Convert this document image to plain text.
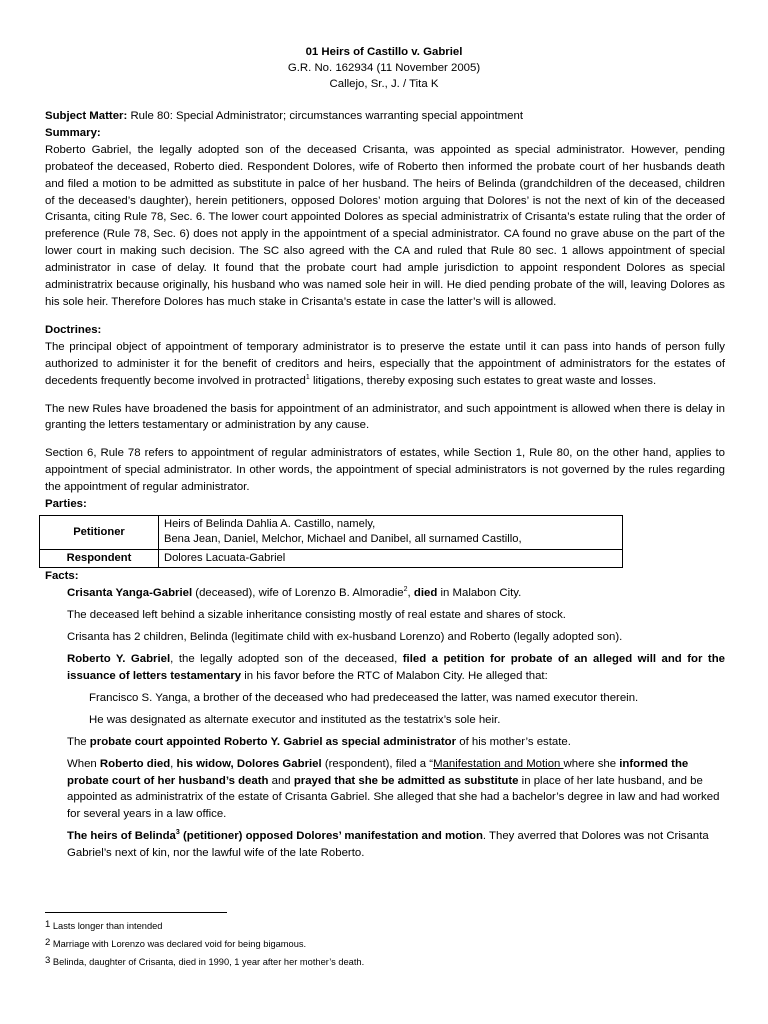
01 Heirs of Castillo v. Gabriel
G.R. No. 162934 (11 November 2005)
Callejo, Sr., J. / Tita K

Subject Matter: Rule 80: Special Administrator; circumstances warranting special appointment

Summary:

Roberto Gabriel, the legally adopted son of the deceased Crisanta, was appointed as special administrator. However, pending probateof the deceased, Roberto died. Respondent Dolores, wife of Roberto then informed the probate court of her husbands death and filed a motion to be admitted as substitute in palce of her husband. The heirs of Belinda (grandchildren of the deceased, children of the deceased’s daughter), herein petitioners, opposed Dolores’ motion arguing that Dolores’ is not the next of kin of the deceased Crisanta, citing Rule 78, Sec. 6. The lower court appointed Dolores as special administratrix of Crisanta’s estate ruling that the order of preference (Rule 78, Sec. 6) does not apply in the appointment of a special administrator. CA found no grave abuse on the part of the lower court in making such decision. The SC also agreed with the CA and ruled that Rule 80 sec. 1 allows appointment of special administrator in case of delay. It found that the probate court had ample jurisdiction to appoint respondent Dolores as special administratrix because originally, his husband who was named sole heir in will. He died pending probate of the will, leaving Dolores as his sole heir. Therefore Dolores has much stake in Crisanta’s estate in case the latter’s will is allowed.

Doctrines:

The principal object of appointment of temporary administrator is to preserve the estate until it can pass into hands of person fully authorized to administer it for the benefit of creditors and heirs, especially that the appointment of administrators for the estates of decedents frequently become involved in protracted$^1$ litigations, thereby exposing such estates to great waste and losses.

The new Rules have broadened the basis for appointment of an administrator, and such appointment is allowed when there is delay in granting the letters testamentary or administration by any cause.

Section 6, Rule 78 refers to appointment of regular administrators of estates, while Section 1, Rule 80, on the other hand, applies to appointment of special administrator. In other words, the appointment of special administrators is not governed by the rules regarding the appointment of regular administrator.

Parties:

Petitioner	Heirs of Belinda Dahlia A. Castillo, namely,
Bena Jean, Daniel, Melchor, Michael and Danibel, all surnamed Castillo,

Respondent	Dolores Lacuata-Gabriel

Facts:

Crisanta Yanga-Gabriel (deceased), wife of Lorenzo B. Almoradie$^2$, died in Malabon City.

The deceased left behind a sizable inheritance consisting mostly of real estate and shares of stock.

Crisanta has 2 children, Belinda (legitimate child with ex-husband Lorenzo) and Roberto (legally adopted son).

Roberto Y. Gabriel, the legally adopted son of the deceased, filed a petition for probate of an alleged will and for the issuance of letters testamentary in his favor before the RTC of Malabon City. He alleged that:

Francisco S. Yanga, a brother of the deceased who had predeceased the latter, was named executor therein.

He was designated as alternate executor and instituted as the testatrix’s sole heir.

The probate court appointed Roberto Y. Gabriel as special administrator of his mother’s estate.

When Roberto died, his widow, Dolores Gabriel (respondent), filed a “Manifestation and Motion where she informed the probate court of her husband’s death and prayed that she be admitted as substitute in place of her late husband, and be appointed as administratrix of the estate of Crisanta Gabriel. She alleged that she had a bachelor’s degree in law and had worked for several years in a law office.

The heirs of Belinda$^3$ (petitioner) opposed Dolores’ manifestation and motion. They averred that Dolores was not Crisanta Gabriel’s next of kin, nor the lawful wife of the late Roberto.

$^1$ Lasts longer than intended
$^2$ Marriage with Lorenzo was declared void for being bigamous.
$^3$ Belinda, daughter of Crisanta, died in 1990, 1 year after her mother’s death.
